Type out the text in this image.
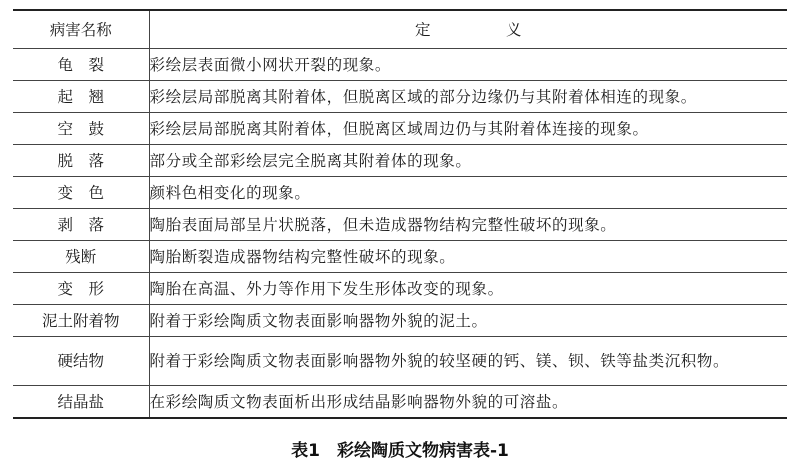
病害名称	定　义
龟　裂	彩绘层表面微小网状开裂的现象。
起　翘	彩绘层局部脱离其附着体，但脱离区域的部分边缘仍与其附着体相连的现象。
空　鼓	彩绘层局部脱离其附着体，但脱离区域周边仍与其附着体连接的现象。
脱　落	部分或全部彩绘层完全脱离其附着体的现象。
变　色	颜料色相变化的现象。
剥　落	陶胎表面局部呈片状脱落，但未造成器物结构完整性破坏的现象。
残断	陶胎断裂造成器物结构完整性破坏的现象。
变　形	陶胎在高温、外力等作用下发生形体改变的现象。
泥土附着物	附着于彩绘陶质文物表面影响器物外貌的泥土。
硬结物	附着于彩绘陶质文物表面影响器物外貌的较坚硬的钙、镁、钡、铁等盐类沉积物。
结晶盐	在彩绘陶质文物表面析出形成结晶影响器物外貌的可溶盐。
表1　彩绘陶质文物病害表-1
